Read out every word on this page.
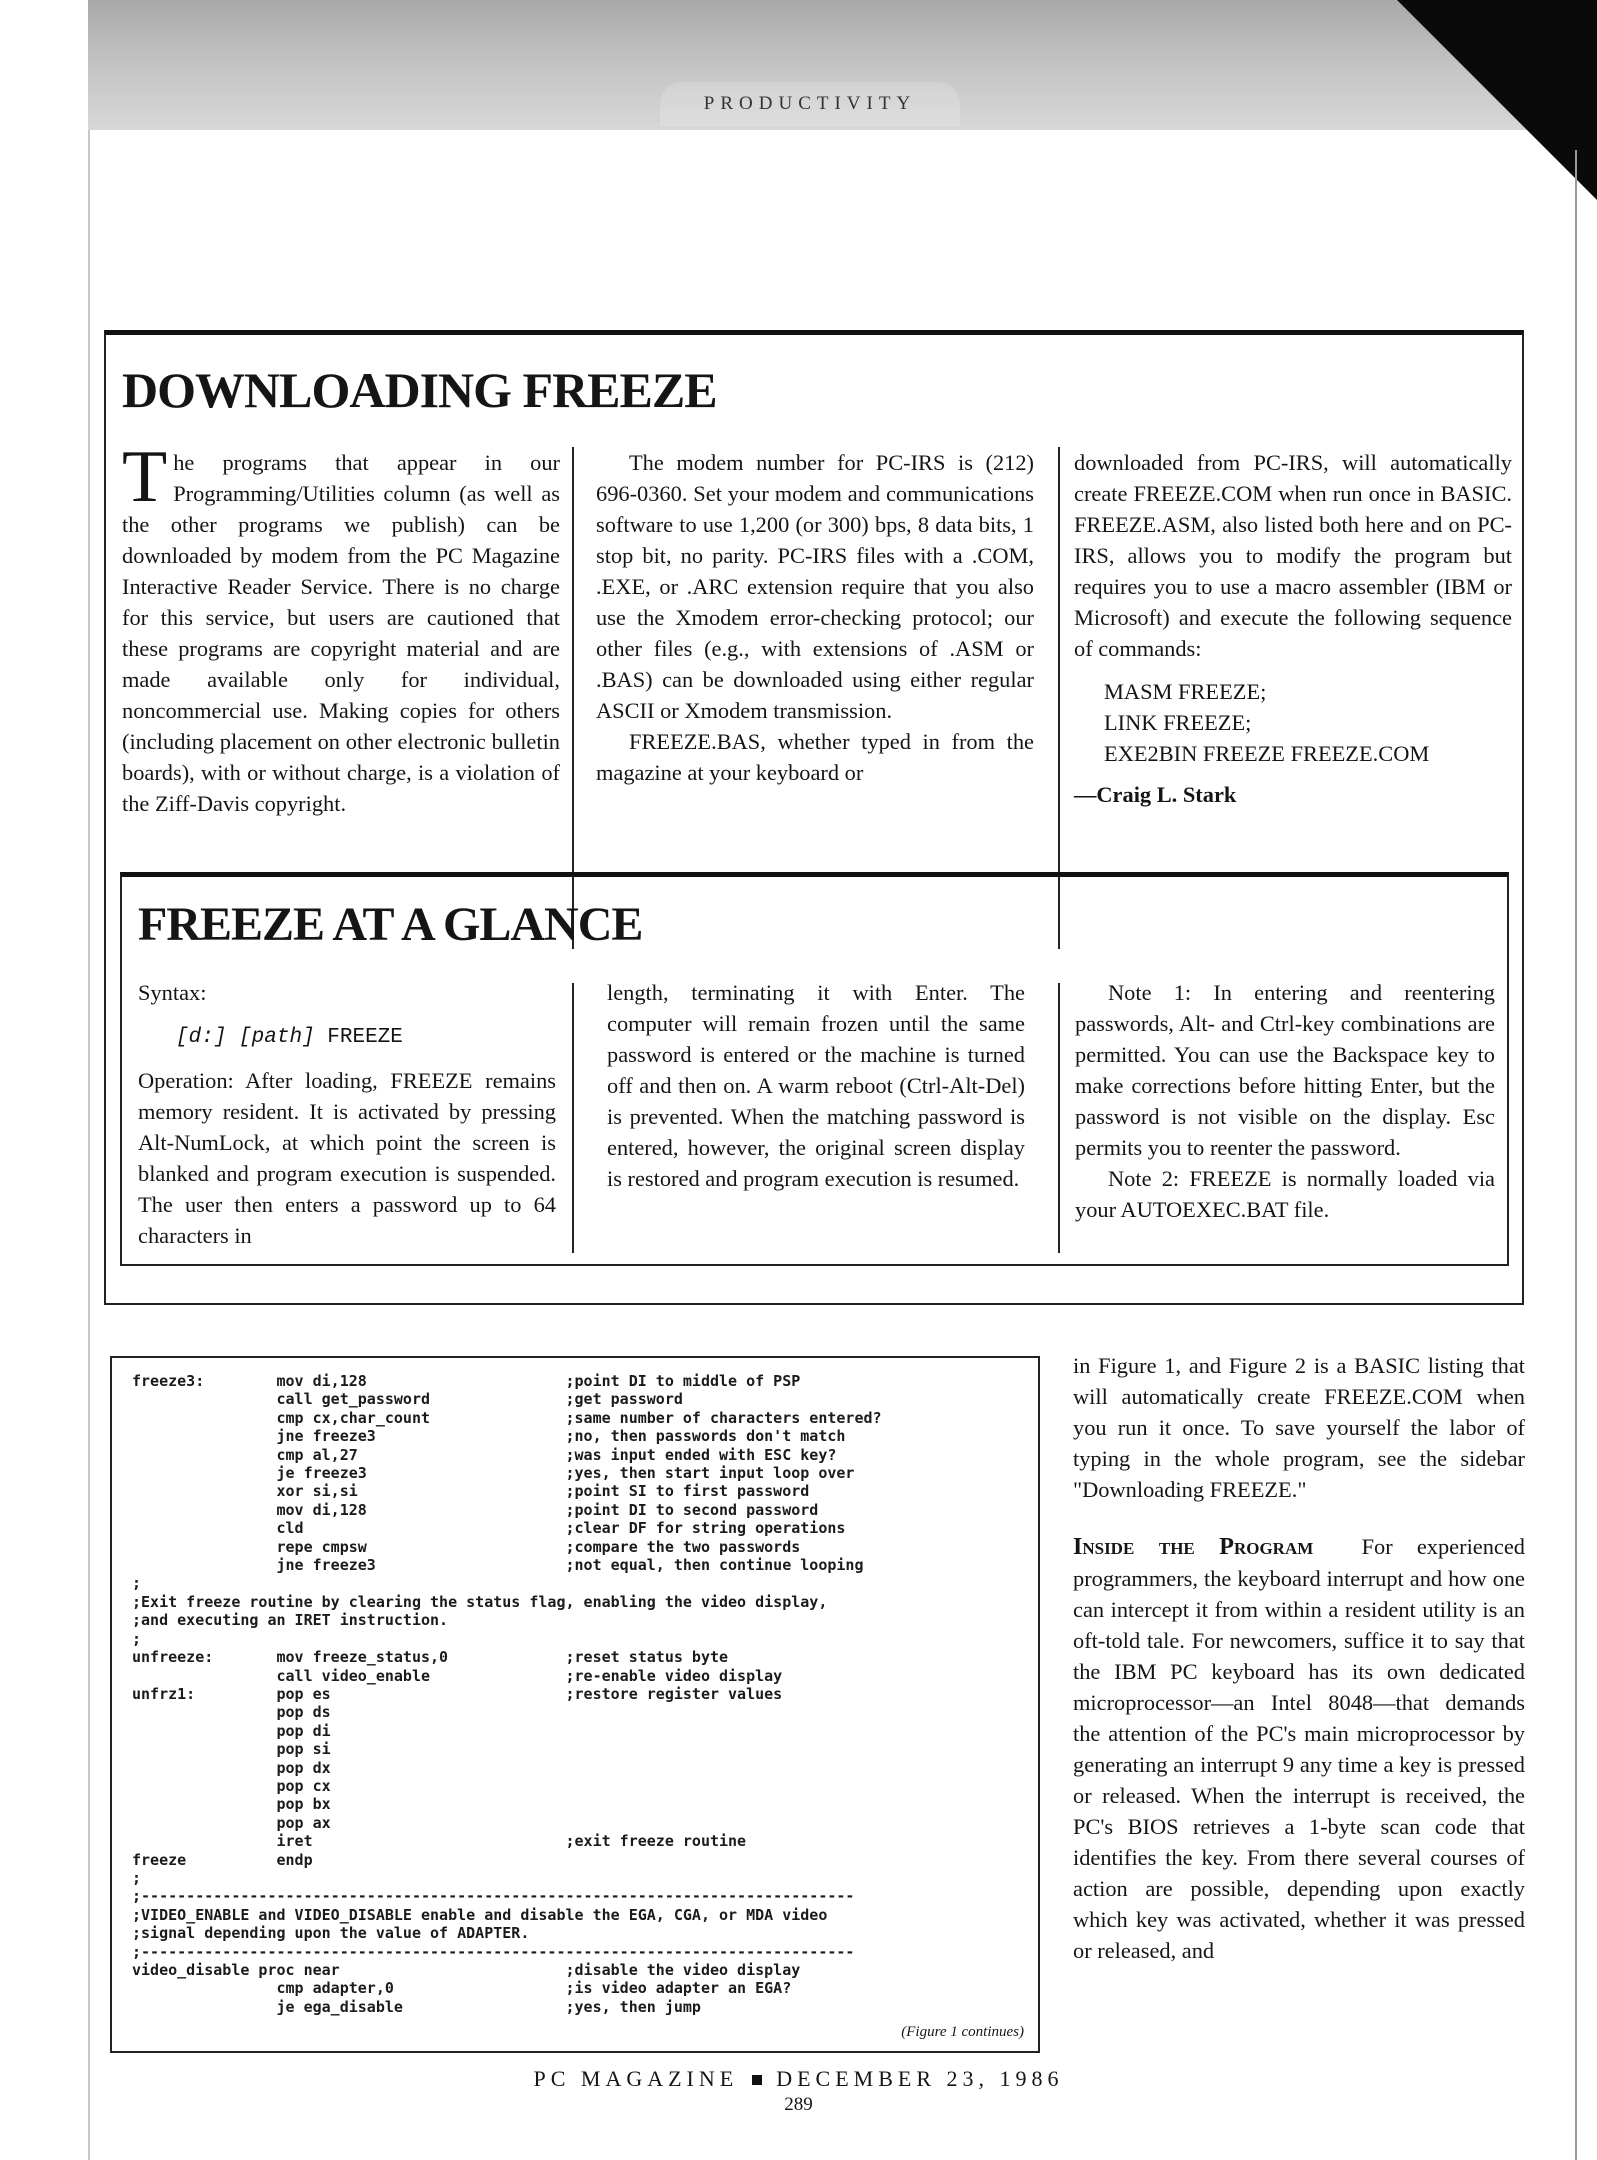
PRODUCTIVITY
DOWNLOADING FREEZE

The programs that appear in our Programming/Utilities column (as well as the other programs we publish) can be downloaded by modem from the PC Magazine Interactive Reader Service. There is no charge for this service, but users are cautioned that these programs are copyright material and are made available only for individual, noncommercial use. Making copies for others (including placement on other electronic bulletin boards), with or without charge, is a violation of the Ziff-Davis copyright.

The modem number for PC-IRS is (212) 696-0360. Set your modem and communications software to use 1,200 (or 300) bps, 8 data bits, 1 stop bit, no parity. PC-IRS files with a .COM, .EXE, or .ARC extension require that you also use the Xmodem error-checking protocol; our other files (e.g., with extensions of .ASM or .BAS) can be downloaded using either regular ASCII or Xmodem transmission.

FREEZE.BAS, whether typed in from the magazine at your keyboard or

downloaded from PC-IRS, will automatically create FREEZE.COM when run once in BASIC. FREEZE.ASM, also listed both here and on PC-IRS, allows you to modify the program but requires you to use a macro assembler (IBM or Microsoft) and execute the following sequence of commands:

MASM FREEZE;
LINK FREEZE;
EXE2BIN FREEZE FREEZE.COM

—Craig L. Stark

FREEZE AT A GLANCE

Syntax:

[d:] [path] FREEZE

Operation: After loading, FREEZE remains memory resident. It is activated by pressing Alt-NumLock, at which point the screen is blanked and program execution is suspended. The user then enters a password up to 64 characters in

length, terminating it with Enter. The computer will remain frozen until the same password is entered or the machine is turned off and then on. A warm reboot (Ctrl-Alt-Del) is prevented. When the matching password is entered, however, the original screen display is restored and program execution is resumed.

Note 1: In entering and reentering passwords, Alt- and Ctrl-key combinations are permitted. You can use the Backspace key to make corrections before hitting Enter, but the password is not visible on the display. Esc permits you to reenter the password.

Note 2: FREEZE is normally loaded via your AUTOEXEC.BAT file.

freeze3:        mov di,128                      ;point DI to middle of PSP
call get_password               ;get password
cmp cx,char_count               ;same number of characters entered?
jne freeze3                     ;no, then passwords don't match
cmp al,27                       ;was input ended with ESC key?
je freeze3                      ;yes, then start input loop over
xor si,si                       ;point SI to first password
mov di,128                      ;point DI to second password
cld                             ;clear DF for string operations
repe cmpsw                      ;compare the two passwords
jne freeze3                     ;not equal, then continue looping
;
;Exit freeze routine by clearing the status flag, enabling the video display,
;and executing an IRET instruction.
;
unfreeze:       mov freeze_status,0             ;reset status byte
call video_enable               ;re-enable video display
unfrz1:         pop es                          ;restore register values
pop ds
pop di
pop si
pop dx
pop cx
pop bx
pop ax
iret                            ;exit freeze routine
freeze          endp
;
;-------------------------------------------------------------------------------
;VIDEO_ENABLE and VIDEO_DISABLE enable and disable the EGA, CGA, or MDA video
;signal depending upon the value of ADAPTER.
;-------------------------------------------------------------------------------
video_disable proc near                         ;disable the video display
cmp adapter,0                   ;is video adapter an EGA?
je ega_disable                  ;yes, then jump
(Figure 1 continues)

in Figure 1, and Figure 2 is a BASIC listing that will automatically create FREEZE.COM when you run it once. To save yourself the labor of typing in the whole program, see the sidebar "Downloading FREEZE."

Inside the Program For experienced programmers, the keyboard interrupt and how one can intercept it from within a resident utility is an oft-told tale. For newcomers, suffice it to say that the IBM PC keyboard has its own dedicated microprocessor—an Intel 8048—that demands the attention of the PC's main microprocessor by generating an interrupt 9 any time a key is pressed or released. When the interrupt is received, the PC's BIOS retrieves a 1-byte scan code that identifies the key. From there several courses of action are possible, depending upon exactly which key was activated, whether it was pressed or released, and

PC MAGAZINE DECEMBER 23, 1986
289
